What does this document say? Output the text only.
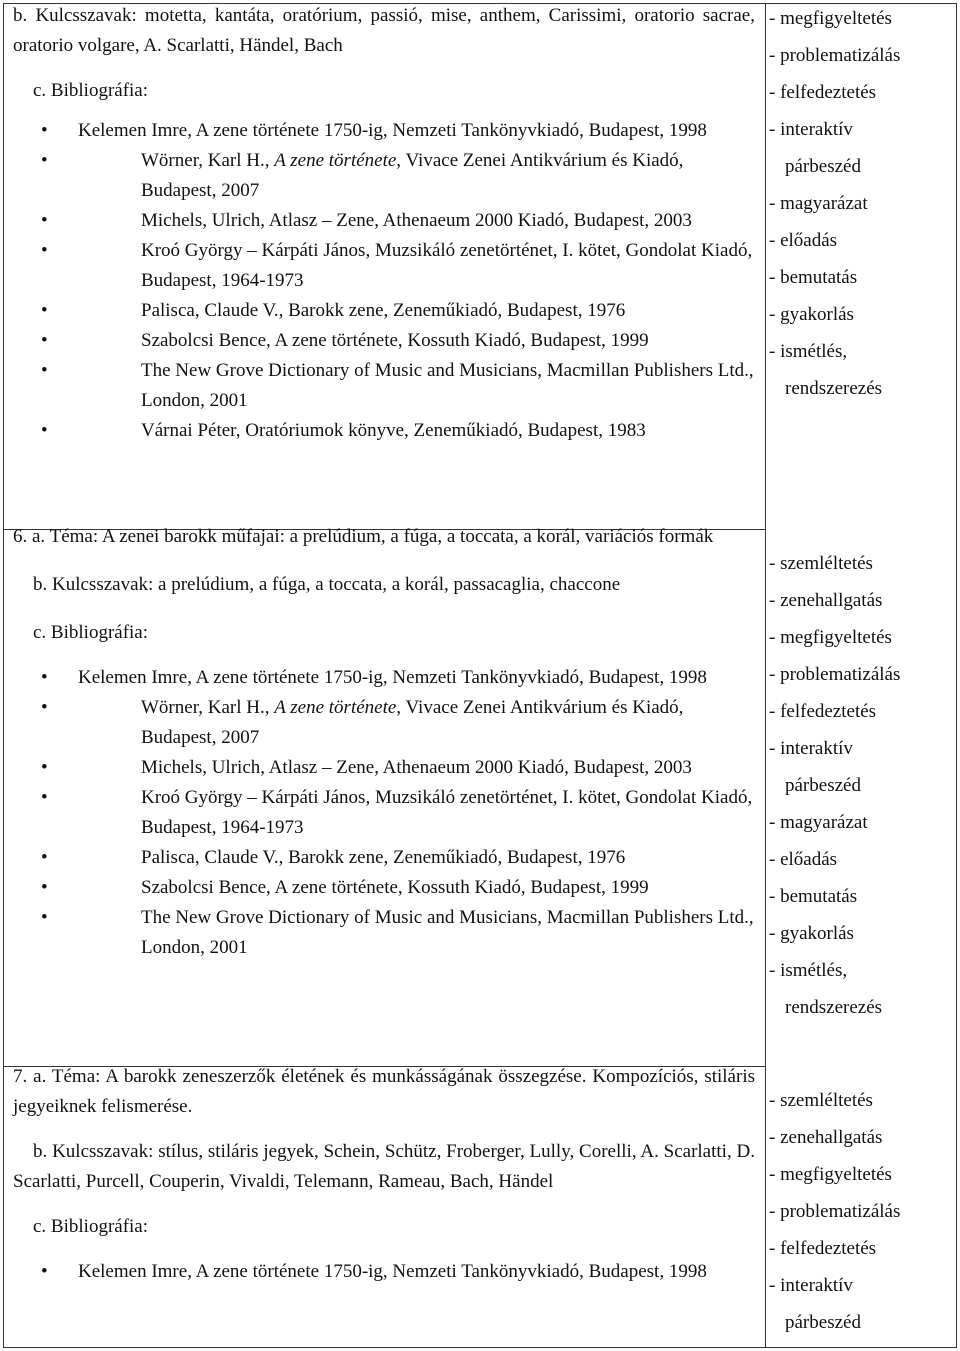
b. Kulcsszavak: motetta, kantáta, oratórium, passió, mise, anthem, Carissimi, oratorio sacrae, oratorio volgare, A. Scarlatti, Händel, Bach

c. Bibliográfia:

• Kelemen Imre, A zene története 1750-ig, Nemzeti Tankönyvkiadó, Budapest, 1998
• Wörner, Karl H., A zene története, Vivace Zenei Antikvárium és Kiadó, Budapest, 2007
• Michels, Ulrich, Atlasz – Zene, Athenaeum 2000 Kiadó, Budapest, 2003
• Kroó György – Kárpáti János, Muzsikáló zenetörténet, I. kötet, Gondolat Kiadó, Budapest, 1964-1973
• Palisca, Claude V., Barokk zene, Zeneműkiadó, Budapest, 1976
• Szabolcsi Bence, A zene története, Kossuth Kiadó, Budapest, 1999
• The New Grove Dictionary of Music and Musicians, Macmillan Publishers Ltd., London, 2001
• Várnai Péter, Oratóriumok könyve, Zeneműkiadó, Budapest, 1983
- megfigyeltetés
- problematizálás
- felfedeztetés
- interaktív
párbeszéd
- magyarázat
- előadás
- bemutatás
- gyakorlás
- ismétlés,
rendszerezés

6. a. Téma: A zenei barokk műfajai: a prelúdium, a fúga, a toccata, a korál, variációs formák

b. Kulcsszavak: a prelúdium, a fúga, a toccata, a korál, passacaglia, chaccone

c. Bibliográfia:

• Kelemen Imre, A zene története 1750-ig, Nemzeti Tankönyvkiadó, Budapest, 1998
• Wörner, Karl H., A zene története, Vivace Zenei Antikvárium és Kiadó, Budapest, 2007
• Michels, Ulrich, Atlasz – Zene, Athenaeum 2000 Kiadó, Budapest, 2003
• Kroó György – Kárpáti János, Muzsikáló zenetörténet, I. kötet, Gondolat Kiadó, Budapest, 1964-1973
• Palisca, Claude V., Barokk zene, Zeneműkiadó, Budapest, 1976
• Szabolcsi Bence, A zene története, Kossuth Kiadó, Budapest, 1999
• The New Grove Dictionary of Music and Musicians, Macmillan Publishers Ltd., London, 2001
- szemléltetés
- zenehallgatás
- megfigyeltetés
- problematizálás
- felfedeztetés
- interaktív
párbeszéd
- magyarázat
- előadás
- bemutatás
- gyakorlás
- ismétlés,
rendszerezés

7. a. Téma: A barokk zeneszerzők életének és munkásságának összegzése. Kompozíciós, stiláris jegyeiknek felismerése.

b. Kulcsszavak: stílus, stiláris jegyek, Schein, Schütz, Froberger, Lully, Corelli, A. Scarlatti, D. Scarlatti, Purcell, Couperin, Vivaldi, Telemann, Rameau, Bach, Händel

c. Bibliográfia:

• Kelemen Imre, A zene története 1750-ig, Nemzeti Tankönyvkiadó, Budapest, 1998
- szemléltetés
- zenehallgatás
- megfigyeltetés
- problematizálás
- felfedeztetés
- interaktív
párbeszéd
